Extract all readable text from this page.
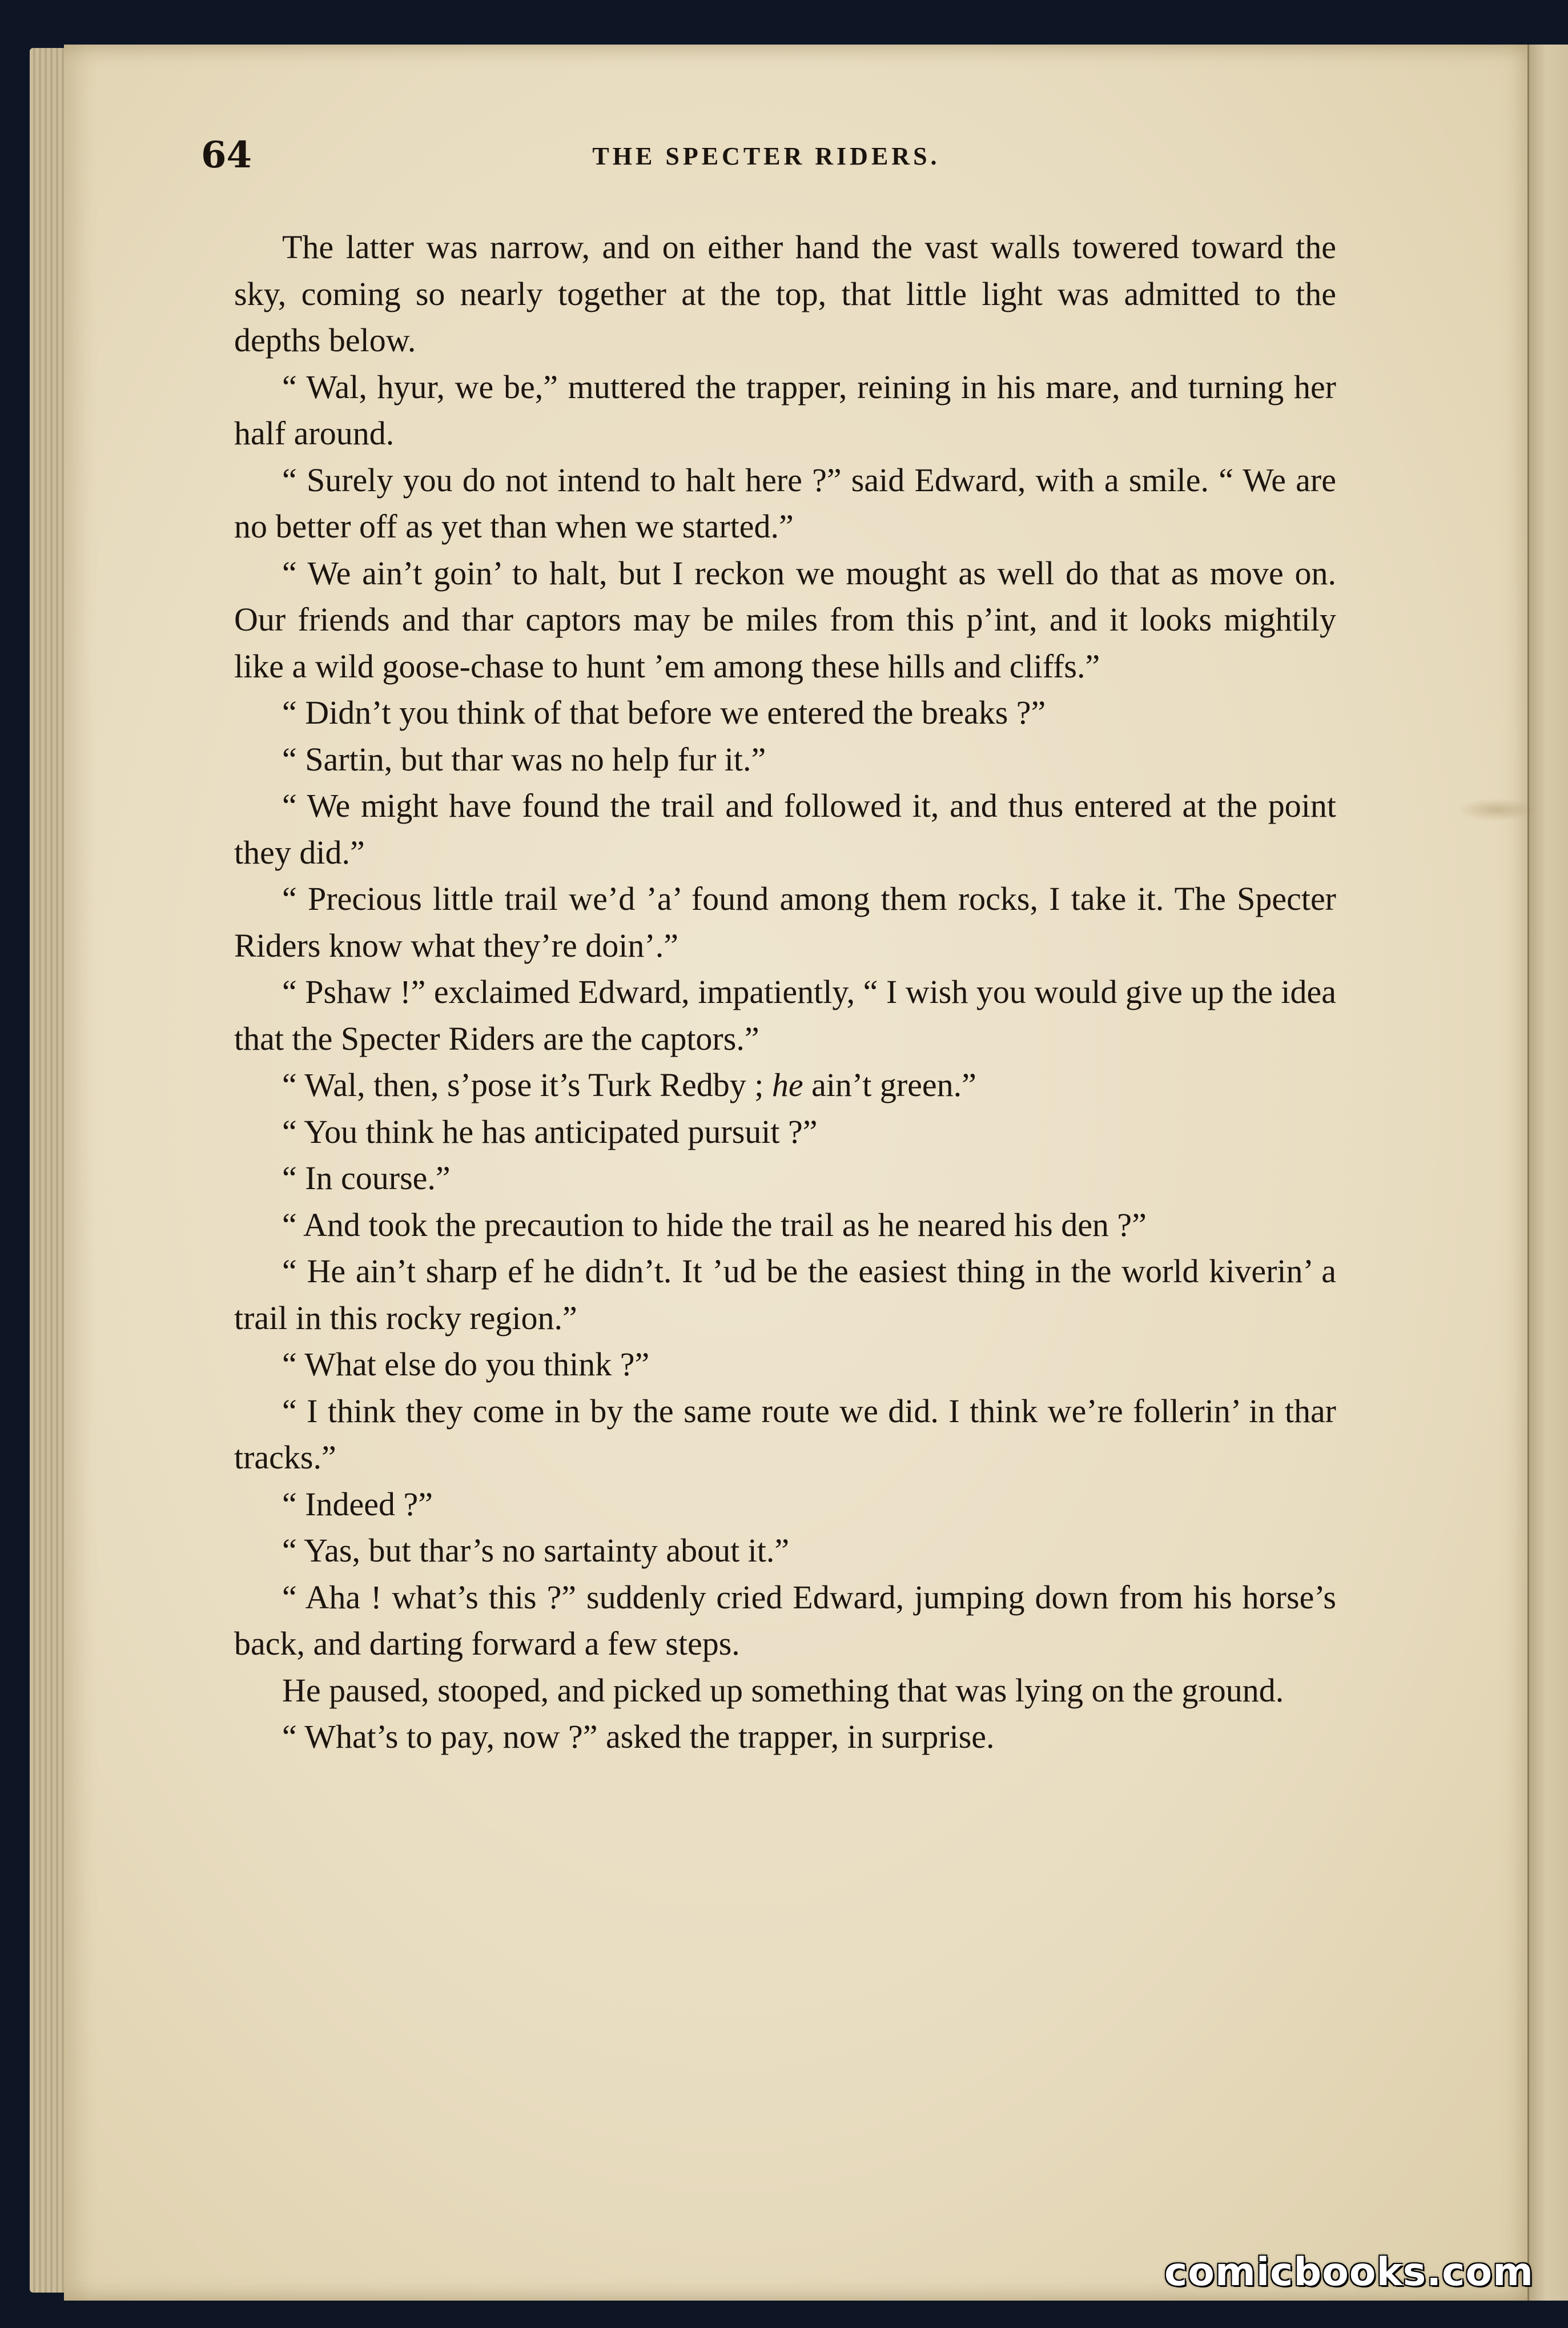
64	THE SPECTER RIDERS.

The latter was narrow, and on either hand the vast walls towered toward the sky, coming so nearly together at the top, that little light was admitted to the depths below.

“ Wal, hyur, we be,” muttered the trapper, reining in his mare, and turning her half around.

“ Surely you do not intend to halt here ?” said Edward, with a smile. “ We are no better off as yet than when we started.”

“ We ain’t goin’ to halt, but I reckon we mought as well do that as move on. Our friends and thar captors may be miles from this p’int, and it looks mightily like a wild goose-chase to hunt ’em among these hills and cliffs.”

“ Didn’t you think of that before we entered the breaks ?”

“ Sartin, but thar was no help fur it.”

“ We might have found the trail and followed it, and thus entered at the point they did.”

“ Precious little trail we’d ’a’ found among them rocks, I take it. The Specter Riders know what they’re doin’.”

“ Pshaw !” exclaimed Edward, impatiently, “ I wish you would give up the idea that the Specter Riders are the captors.”

“ Wal, then, s’pose it’s Turk Redby ; he ain’t green.”

“ You think he has anticipated pursuit ?”

“ In course.”

“ And took the precaution to hide the trail as he neared his den ?”

“ He ain’t sharp ef he didn’t. It ’ud be the easiest thing in the world kiverin’ a trail in this rocky region.”

“ What else do you think ?”

“ I think they come in by the same route we did. I think we’re follerin’ in thar tracks.”

“ Indeed ?”

“ Yas, but thar’s no sartainty about it.”

“ Aha ! what’s this ?” suddenly cried Edward, jumping down from his horse’s back, and darting forward a few steps.

He paused, stooped, and picked up something that was lying on the ground.

“ What’s to pay, now ?” asked the trapper, in surprise.

comicbooks.com
